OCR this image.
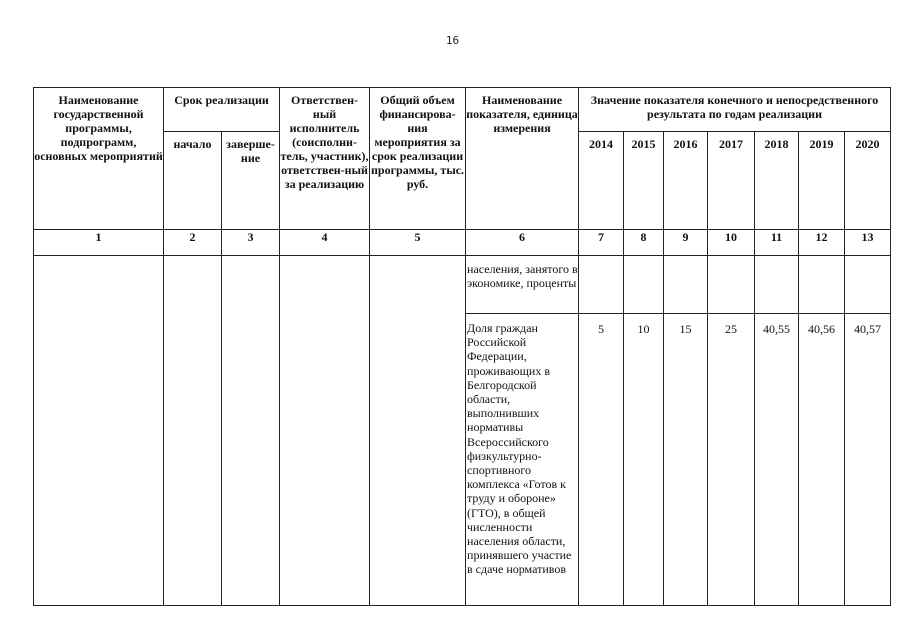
16
Наименование государственной программы, подпрограмм, основных мероприятий	Срок реализации		Ответствен-ный исполнитель (соисполни-тель, участник), ответствен-ный за реализацию	Общий объем финансирова-ния мероприятия за срок реализации программы, тыс. руб.	Наименование показателя, единица измерения	Значение показателя конечного и непосредственного результата по годам реализации						
	начало	заверше-ние				2014	2015	2016	2017	2018	2019	2020
1	2	3	4	5	6	7	8	9	10	11	12	13
					населения, занятого в экономике, проценты							
					Доля граждан Российской Федерации, проживающих в Белгородской области, выполнивших нормативы Всероссийского физкультурно-спортивного комплекса «Готов к труду и обороне» (ГТО), в общей численности населения области, принявшего участие в сдаче нормативов	5	10	15	25	40,55	40,56	40,57
